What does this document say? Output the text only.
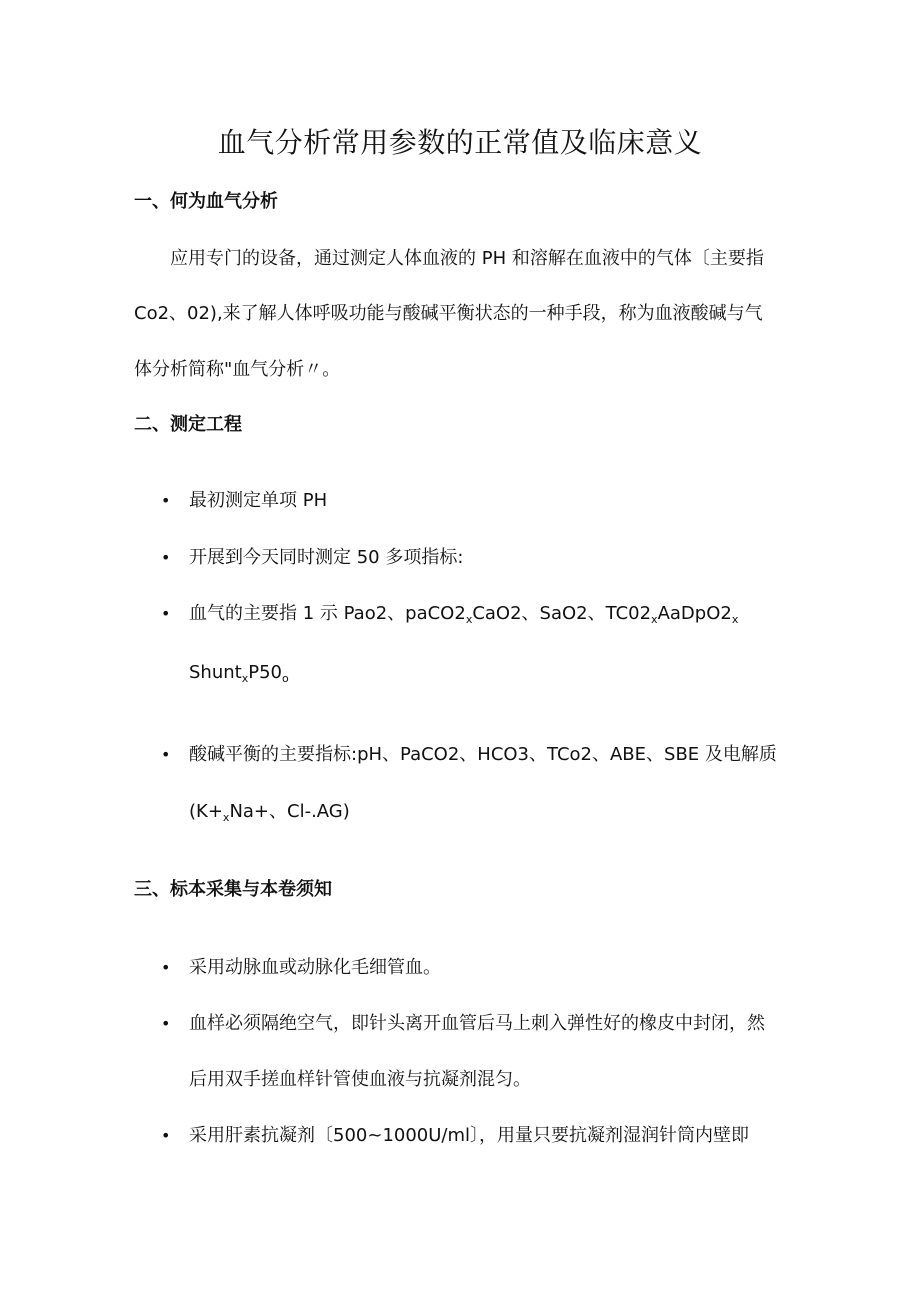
血气分析常用参数的正常值及临床意义
一、何为血气分析
应用专门的设备，通过测定人体血液的 PH 和溶解在血液中的气体〔主要指
Co2、02),来了解人体呼吸功能与酸碱平衡状态的一种手段，称为血液酸碱与气
体分析简称"血气分析〃。
二、测定工程
• 最初测定单项 PH
• 开展到今天同时测定 50 多项指标:
• 血气的主要指 1 示 Pao2、$paCO2_xCaO2$、SaO2、$TC02_xAaDpO2_x$
$Shunt_xP50_o$
• 酸碱平衡的主要指标:pH、PaCO2、HCO3、TCo2、ABE、SBE 及电解质
($K+_xNa+$、Cl-.AG)
三、标本采集与本卷须知
• 采用动脉血或动脉化毛细管血。
• 血样必须隔绝空气，即针头离开血管后马上刺入弹性好的橡皮中封闭，然
后用双手搓血样针管使血液与抗凝剂混匀。
• 采用肝素抗凝剂〔500~1000U/ml〕，用量只要抗凝剂湿润针筒内壁即
